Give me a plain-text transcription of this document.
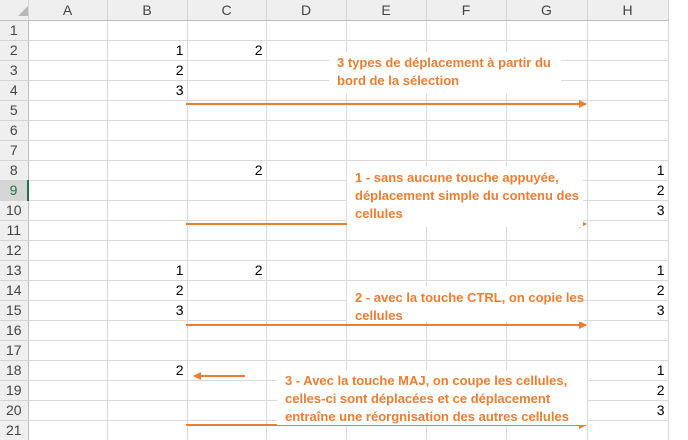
	A	B	C	D	E	F	G	H
1								
2		1	2					
3		2						
4		3						
5								
6								
7								
8			2					1
9								2
10								3
11								
12								
13		1	2					1
14		2						2
15		3						3
16								
17								
18		2						1
19								2
20								3
21								
3 types de déplacement à partir du
bord de la sélection
1 - sans aucune touche appuyée,
déplacement simple du contenu des
cellules
2 - avec la touche CTRL, on copie les
cellules
3 - Avec la touche MAJ, on coupe les cellules,
celles-ci sont déplacées et ce déplacement
entraîne une réorgnisation des autres cellules
